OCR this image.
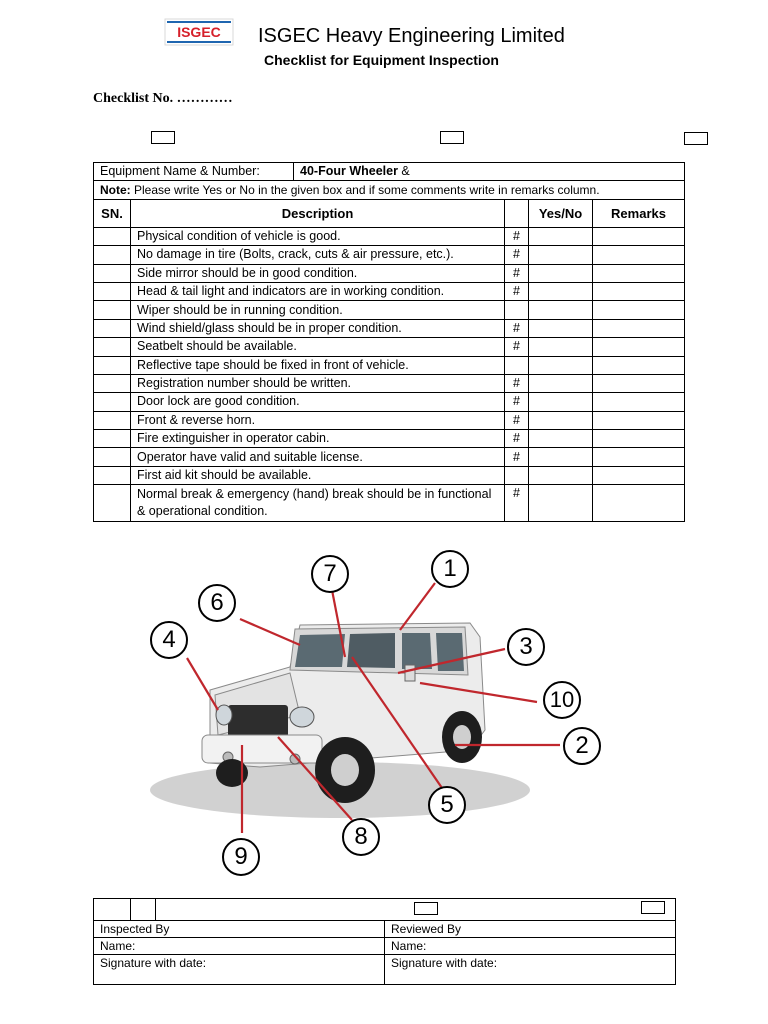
ISGEC ISGEC Heavy Engineering Limited
Checklist for Equipment Inspection
Checklist No. …………
Equipment Name & Number:		40-Four Wheeler &			
Note: Please write Yes or No in the given box and if some comments write in remarks column.					
SN.	Description			Yes/No	Remarks
	Physical condition of vehicle is good.		#		
	No damage in tire (Bolts, crack, cuts & air pressure, etc.).		#		
	Side mirror should be in good condition.		#		
	Head & tail light and indicators are in working condition.		#		
	Wiper should be in running condition.				
	Wind shield/glass should be in proper condition.		#		
	Seatbelt should be available.		#		
	Reflective tape should be fixed in front of vehicle.				
	Registration number should be written.		#		
	Door lock are good condition.		#		
	Front & reverse horn.		#		
	Fire extinguisher in operator cabin.		#		
	Operator have valid and suitable license.		#		
	First aid kit should be available.				
	Normal break & emergency (hand) break should be in functional & operational condition.		#		
1
2
3
4
5
6
7
8
9
10

Inspected By			Reviewed By
Name:			Name:
Signature with date:			Signature with date:
